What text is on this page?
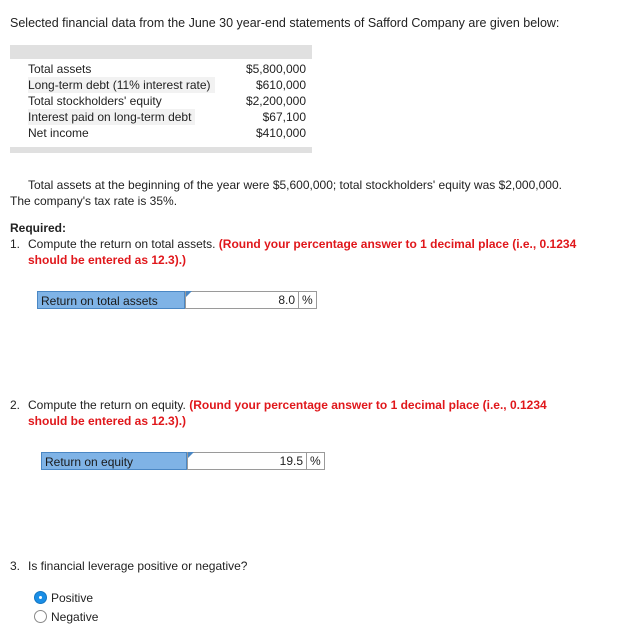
Selected financial data from the June 30 year-end statements of Safford Company are given below:
Total assets	$5,800,000
Long-term debt (11% interest rate)	$610,000
Total stockholders' equity	$2,200,000
Interest paid on long-term debt	$67,100
Net income	$410,000
Total assets at the beginning of the year were $5,600,000; total stockholders' equity was $2,000,000.
The company's tax rate is 35%.
Required:
1. Compute the return on total assets. (Round your percentage answer to 1 decimal place (i.e., 0.1234
should be entered as 12.3).)
Return on total assets	8.0 %
2. Compute the return on equity. (Round your percentage answer to 1 decimal place (i.e., 0.1234
should be entered as 12.3).)
Return on equity	19.5 %
3. Is financial leverage positive or negative?
Positive
Negative
